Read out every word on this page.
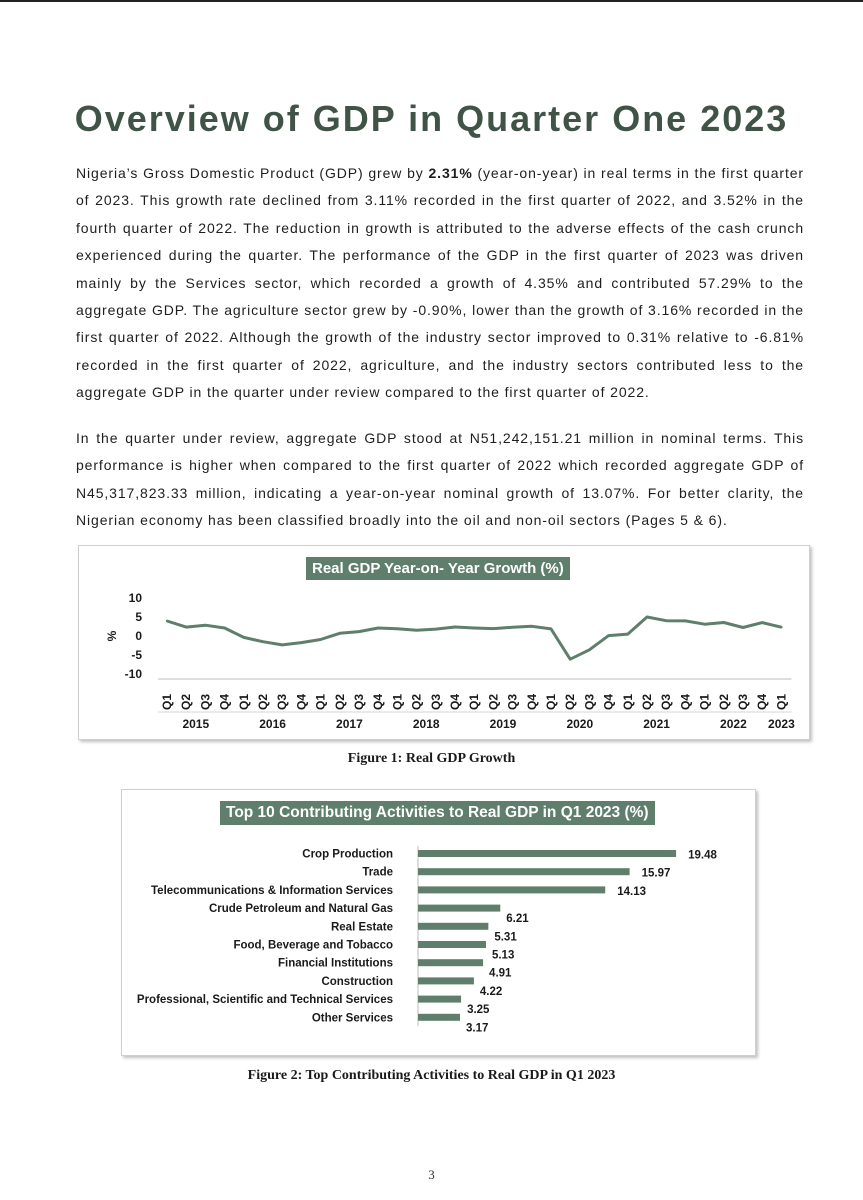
Overview of GDP in Quarter One 2023

Nigeria’s Gross Domestic Product (GDP) grew by 2.31% (year-on-year) in real terms in the first quarter of 2023. This growth rate declined from 3.11% recorded in the first quarter of 2022, and 3.52% in the fourth quarter of 2022. The reduction in growth is attributed to the adverse effects of the cash crunch experienced during the quarter. The performance of the GDP in the first quarter of 2023 was driven mainly by the Services sector, which recorded a growth of 4.35% and contributed 57.29% to the aggregate GDP. The agriculture sector grew by -0.90%, lower than the growth of 3.16% recorded in the first quarter of 2022. Although the growth of the industry sector improved to 0.31% relative to -6.81% recorded in the first quarter of 2022, agriculture, and the industry sectors contributed less to the aggregate GDP in the quarter under review compared to the first quarter of 2022.

In the quarter under review, aggregate GDP stood at N51,242,151.21 million in nominal terms. This performance is higher when compared to the first quarter of 2022 which recorded aggregate GDP of N45,317,823.33 million, indicating a year-on-year nominal growth of 13.07%. For better clarity, the Nigerian economy has been classified broadly into the oil and non-oil sectors (Pages 5 & 6).

Real GDP Year-on- Year Growth (%)
10
5
0
-5
-10
%
Q1 Q2 Q3 Q4 Q1 Q2 Q3 Q4 Q1 Q2 Q3 Q4 Q1 Q2 Q3 Q4 Q1 Q2 Q3 Q4 Q1 Q2 Q3 Q4 Q1 Q2 Q3 Q4 Q1 Q2 Q3 Q4 Q1
2015	2016	2017	2018	2019	2020	2021	2022 2023
Figure 1: Real GDP Growth
Top 10 Contributing Activities to Real GDP in Q1 2023 (%)
Crop Production	19.48
Trade	15.97
Telecommunications & Information Services	14.13
Crude Petroleum and Natural Gas
6.21
Real Estate
5.31
Food, Beverage and Tobacco
5.13
Financial Institutions
4.91
Construction
4.22
Professional, Scientific and Technical Services
3.25
Other Services
3.17
Figure 2: Top Contributing Activities to Real GDP in Q1 2023
3
